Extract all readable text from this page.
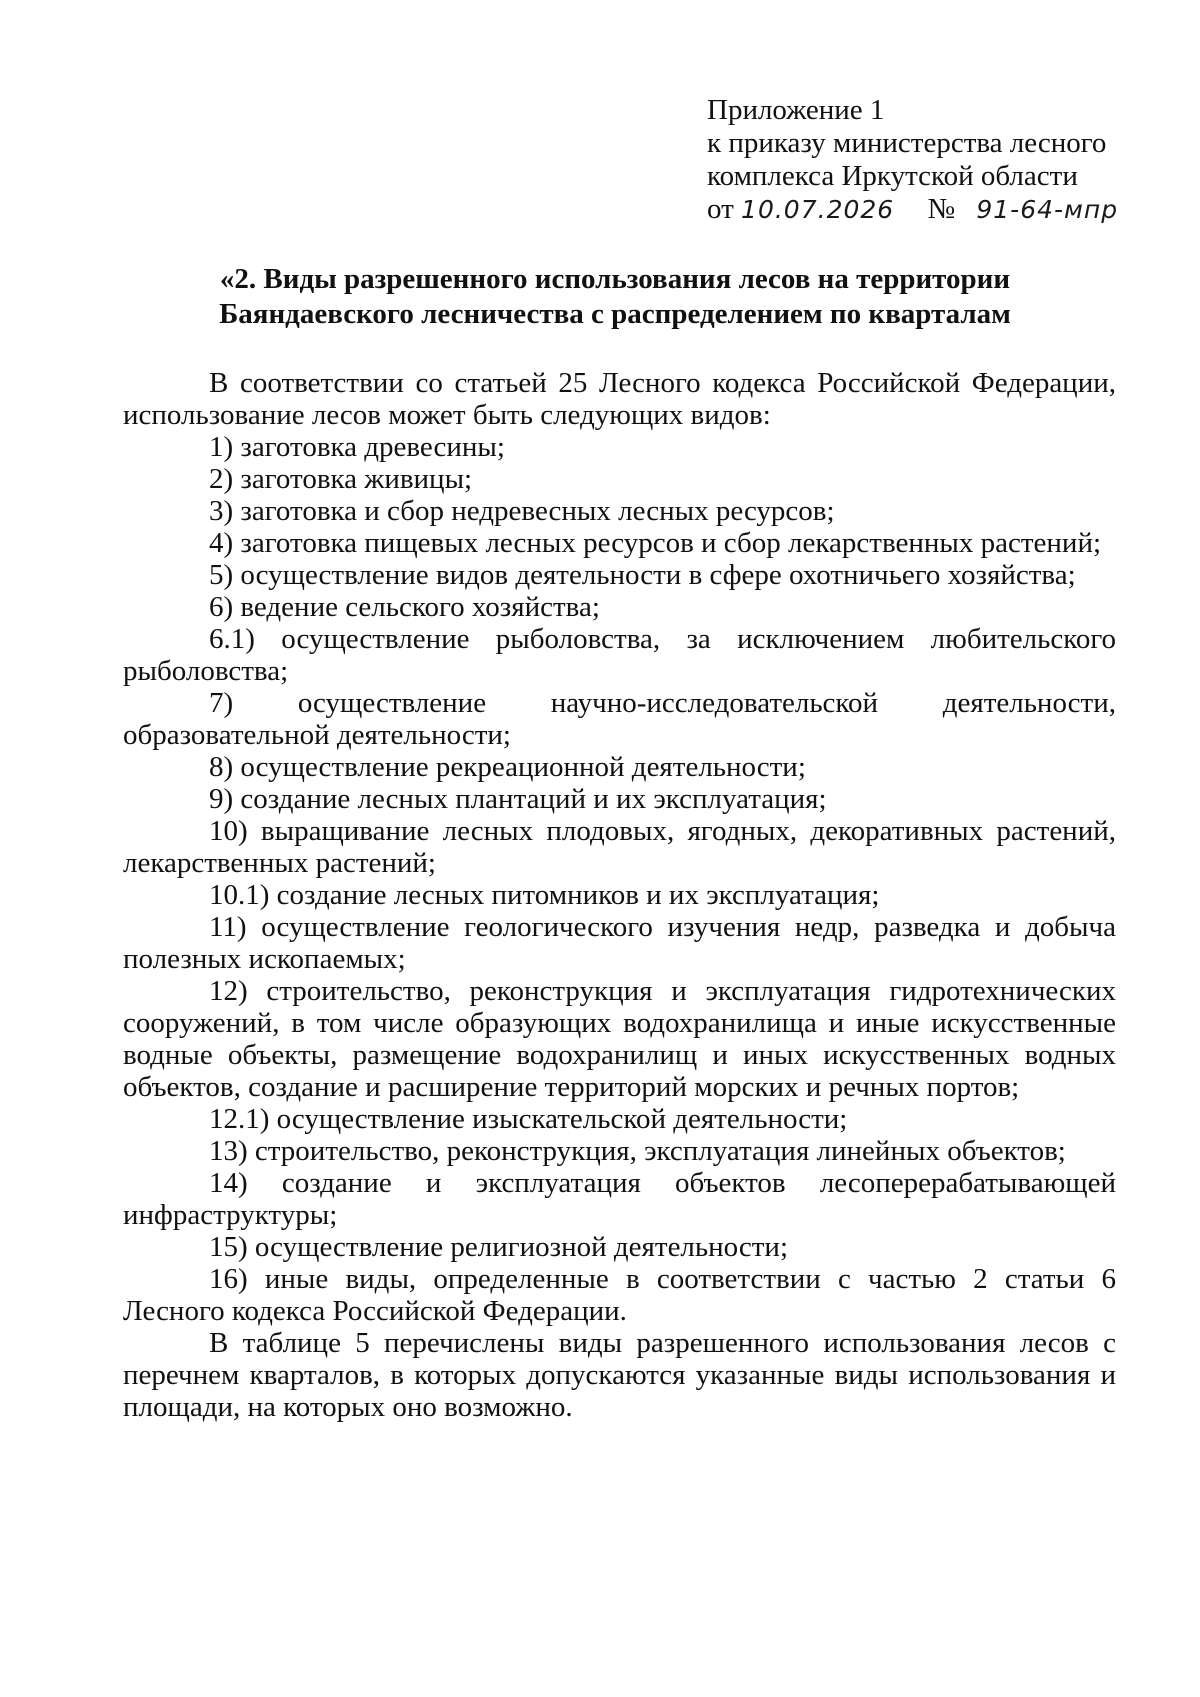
Приложение 1
к приказу министерства лесного
комплекса Иркутской области
от 10.07.2026 № 91-64-мпр
«2. Виды разрешенного использования лесов на территории
Баяндаевского лесничества с распределением по кварталам

В соответствии со статьей 25 Лесного кодекса Российской Федерации, использование лесов может быть следующих видов:

1) заготовка древесины;

2) заготовка живицы;

3) заготовка и сбор недревесных лесных ресурсов;

4) заготовка пищевых лесных ресурсов и сбор лекарственных растений;

5) осуществление видов деятельности в сфере охотничьего хозяйства;

6) ведение сельского хозяйства;

6.1) осуществление рыболовства, за исключением любительского рыболовства;

7) осуществление научно-исследовательской деятельности, образовательной деятельности;

8) осуществление рекреационной деятельности;

9) создание лесных плантаций и их эксплуатация;

10) выращивание лесных плодовых, ягодных, декоративных растений, лекарственных растений;

10.1) создание лесных питомников и их эксплуатация;

11) осуществление геологического изучения недр, разведка и добыча полезных ископаемых;

12) строительство, реконструкция и эксплуатация гидротехнических сооружений, в том числе образующих водохранилища и иные искусственные водные объекты, размещение водохранилищ и иных искусственных водных объектов, создание и расширение территорий морских и речных портов;

12.1) осуществление изыскательской деятельности;

13) строительство, реконструкция, эксплуатация линейных объектов;

14) создание и эксплуатация объектов лесоперерабатывающей инфраструктуры;

15) осуществление религиозной деятельности;

16) иные виды, определенные в соответствии с частью 2 статьи 6 Лесного кодекса Российской Федерации.

В таблице 5 перечислены виды разрешенного использования лесов с перечнем кварталов, в которых допускаются указанные виды использования и площади, на которых оно возможно.
